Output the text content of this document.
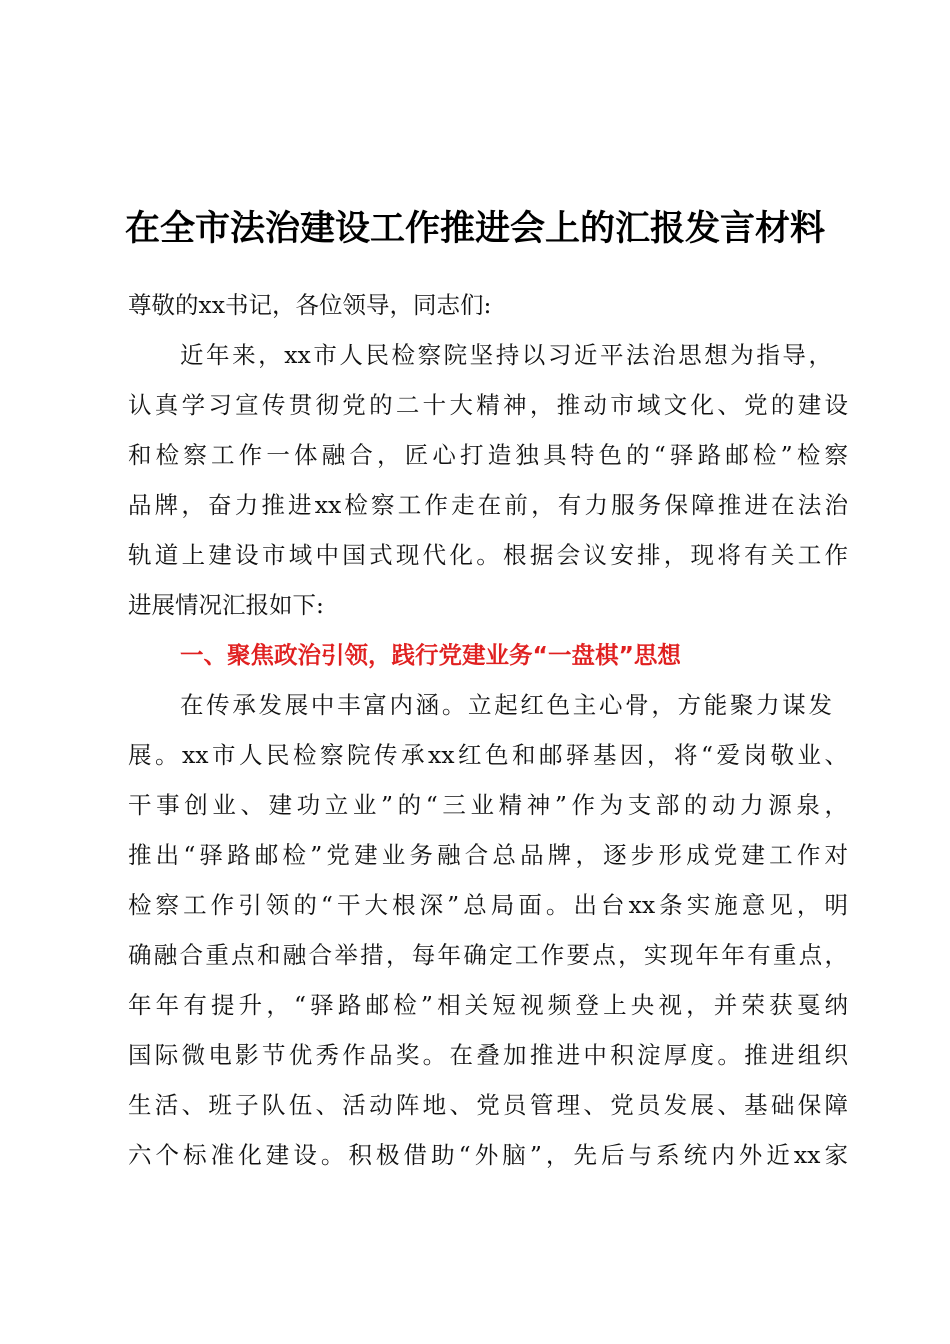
在全市法治建设工作推进会上的汇报发言材料
尊敬的xx书记，各位领导，同志们:
近年来，xx市人民检察院坚持以习近平法治思想为指导，
认真学习宣传贯彻党的二十大精神，推动市域文化、党的建设
和检察工作一体融合，匠心打造独具特色的“驿路邮检”检察
品牌，奋力推进xx检察工作走在前，有力服务保障推进在法治
轨道上建设市域中国式现代化。根据会议安排，现将有关工作
进展情况汇报如下:
一、聚焦政治引领，践行党建业务“一盘棋”思想
在传承发展中丰富内涵。立起红色主心骨，方能聚力谋发
展。xx市人民检察院传承xx红色和邮驿基因，将“爱岗敬业、
干事创业、建功立业”的“三业精神”作为支部的动力源泉，
推出“驿路邮检”党建业务融合总品牌，逐步形成党建工作对
检察工作引领的“干大根深”总局面。出台xx条实施意见，明
确融合重点和融合举措，每年确定工作要点，实现年年有重点，
年年有提升，“驿路邮检”相关短视频登上央视，并荣获戛纳
国际微电影节优秀作品奖。在叠加推进中积淀厚度。推进组织
生活、班子队伍、活动阵地、党员管理、党员发展、基础保障
六个标准化建设。积极借助“外脑”，先后与系统内外近xx家
